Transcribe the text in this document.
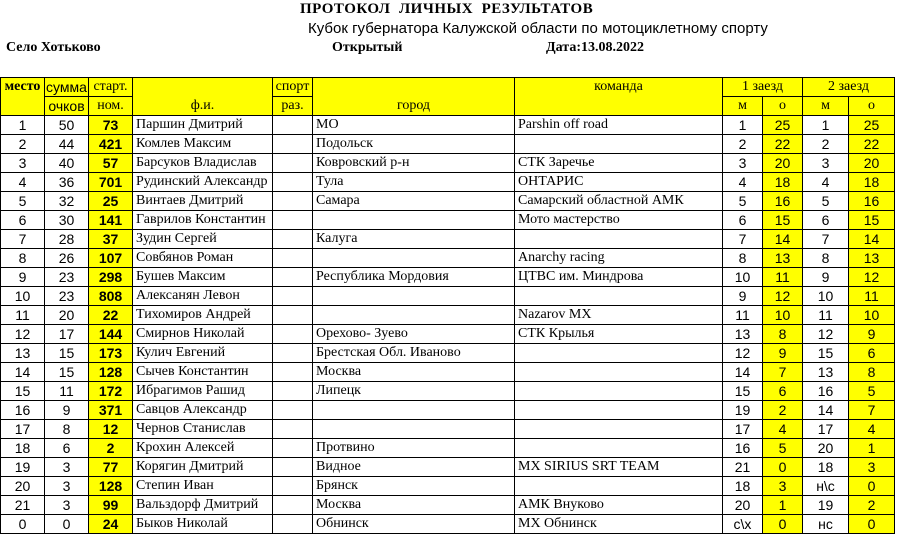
ПРОТОКОЛ  ЛИЧНЫХ  РЕЗУЛЬТАТОВ
Кубок губернатора Калужской области по мотоциклетному спорту
Село Хотьково	Открытый	Дата:13.08.2022
место	сумма	старт.	ф.и.	спорт	город	команда	1 заезд		2 заезд	
	очков	ном.		раз.			м	о	м	о
1	50	73	Паршин Дмитрий		МО	Parshin off road	1	25	1	25
2	44	421	Комлев Максим		Подольск		2	22	2	22
3	40	57	Барсуков Владислав		Ковровский р-н	СТК Заречье	3	20	3	20
4	36	701	Рудинский Александр		Тула	ОНТАРИС	4	18	4	18
5	32	25	Винтаев Дмитрий		Самара	Самарский областной АМК	5	16	5	16
6	30	141	Гаврилов Константин			Мото мастерство	6	15	6	15
7	28	37	Зудин Сергей		Калуга		7	14	7	14
8	26	107	Совбянов Роман			Anarchy racing	8	13	8	13
9	23	298	Бушев Максим		Республика Мордовия	ЦТВС им. Миндрова	10	11	9	12
10	23	808	Алексанян Левон				9	12	10	11
11	20	22	Тихомиров Андрей			Nazarov MX	11	10	11	10
12	17	144	Смирнов Николай		Орехово- Зуево	СТК Крылья	13	8	12	9
13	15	173	Кулич Евгений		Брестская Обл. Иваново		12	9	15	6
14	15	128	Сычев Константин		Москва		14	7	13	8
15	11	172	Ибрагимов Рашид		Липецк		15	6	16	5
16	9	371	Савцов Александр				19	2	14	7
17	8	12	Чернов Станислав				17	4	17	4
18	6	2	Крохин Алексей		Протвино		16	5	20	1
19	3	77	Корягин Дмитрий		Видное	MX SIRIUS SRT TEAM	21	0	18	3
20	3	128	Степин Иван		Брянск		18	3	н\с	0
21	3	99	Вальздорф Дмитрий		Москва	АМК Внуково	20	1	19	2
0	0	24	Быков Николай		Обнинск	MX Обнинск	с\х	0	нс	0
